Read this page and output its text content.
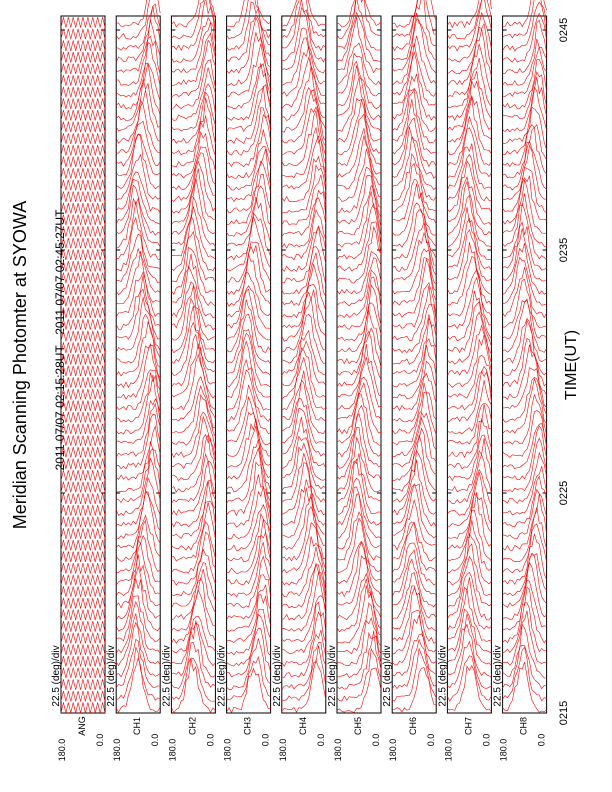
Meridian Scanning Photomter at SYOWA 2011 07/07 02:15:28UT - 2011 07/07 02:45:27UT	TIME(UT)
0215
0225
0235
0245
180.0	0.0
ANG
22.5 (deg)/div
180.0	0.0
CH1
22.5 (deg)/div
180.0	0.0
CH2
22.5 (deg)/div
180.0	0.0
CH3
22.5 (deg)/div
180.0	0.0
CH4
22.5 (deg)/div
180.0	0.0
CH5
22.5 (deg)/div
180.0	0.0
CH6
22.5 (deg)/div
180.0	0.0
CH7
22.5 (deg)/div
180.0	0.0
CH8
22.5 (deg)/div
